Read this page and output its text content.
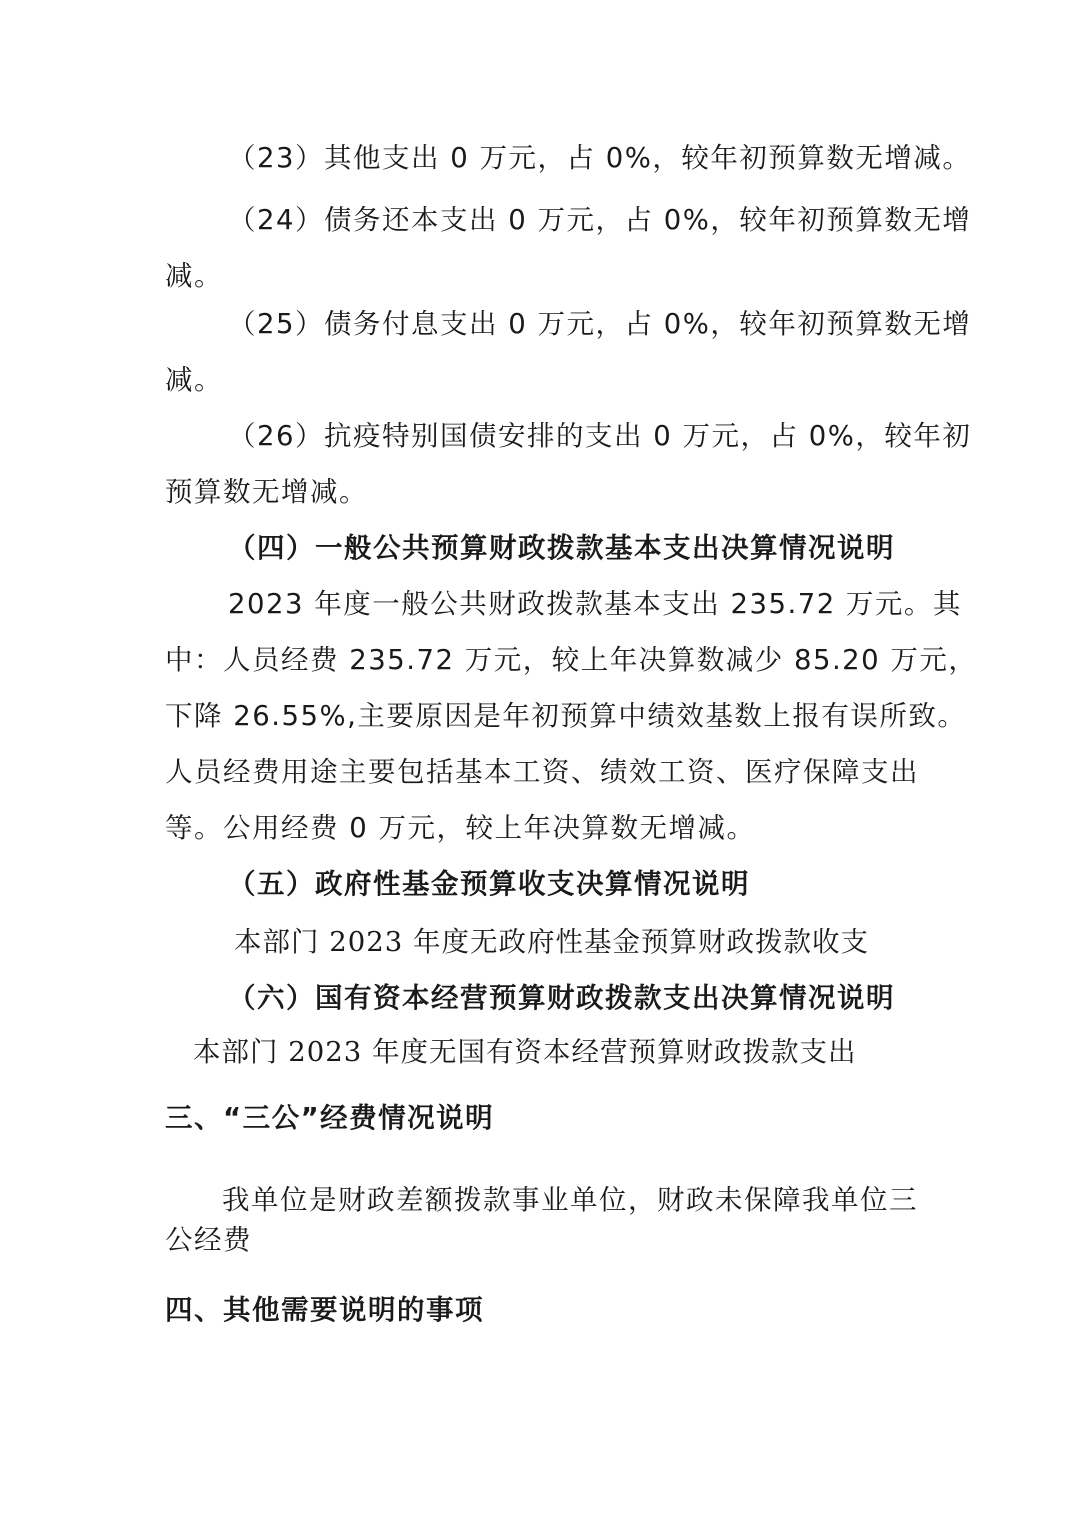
（23）其他支出 0 万元，占 0%，较年初预算数无增减。
（24）债务还本支出 0 万元，占 0%，较年初预算数无增
减。
（25）债务付息支出 0 万元，占 0%，较年初预算数无增
减。
（26）抗疫特别国债安排的支出 0 万元，占 0%，较年初
预算数无增减。
（四）一般公共预算财政拨款基本支出决算情况说明
2023 年度一般公共财政拨款基本支出 235.72 万元。其
中：人员经费 235.72 万元，较上年决算数减少 85.20 万元，
下降 26.55%,主要原因是年初预算中绩效基数上报有误所致。
人员经费用途主要包括基本工资、绩效工资、医疗保障支出
等。公用经费 0 万元，较上年决算数无增减。
（五）政府性基金预算收支决算情况说明
本部门 2023 年度无政府性基金预算财政拨款收支
（六）国有资本经营预算财政拨款支出决算情况说明
本部门 2023 年度无国有资本经营预算财政拨款支出
三、“三公”经费情况说明
我单位是财政差额拨款事业单位，财政未保障我单位三
公经费
四、其他需要说明的事项
